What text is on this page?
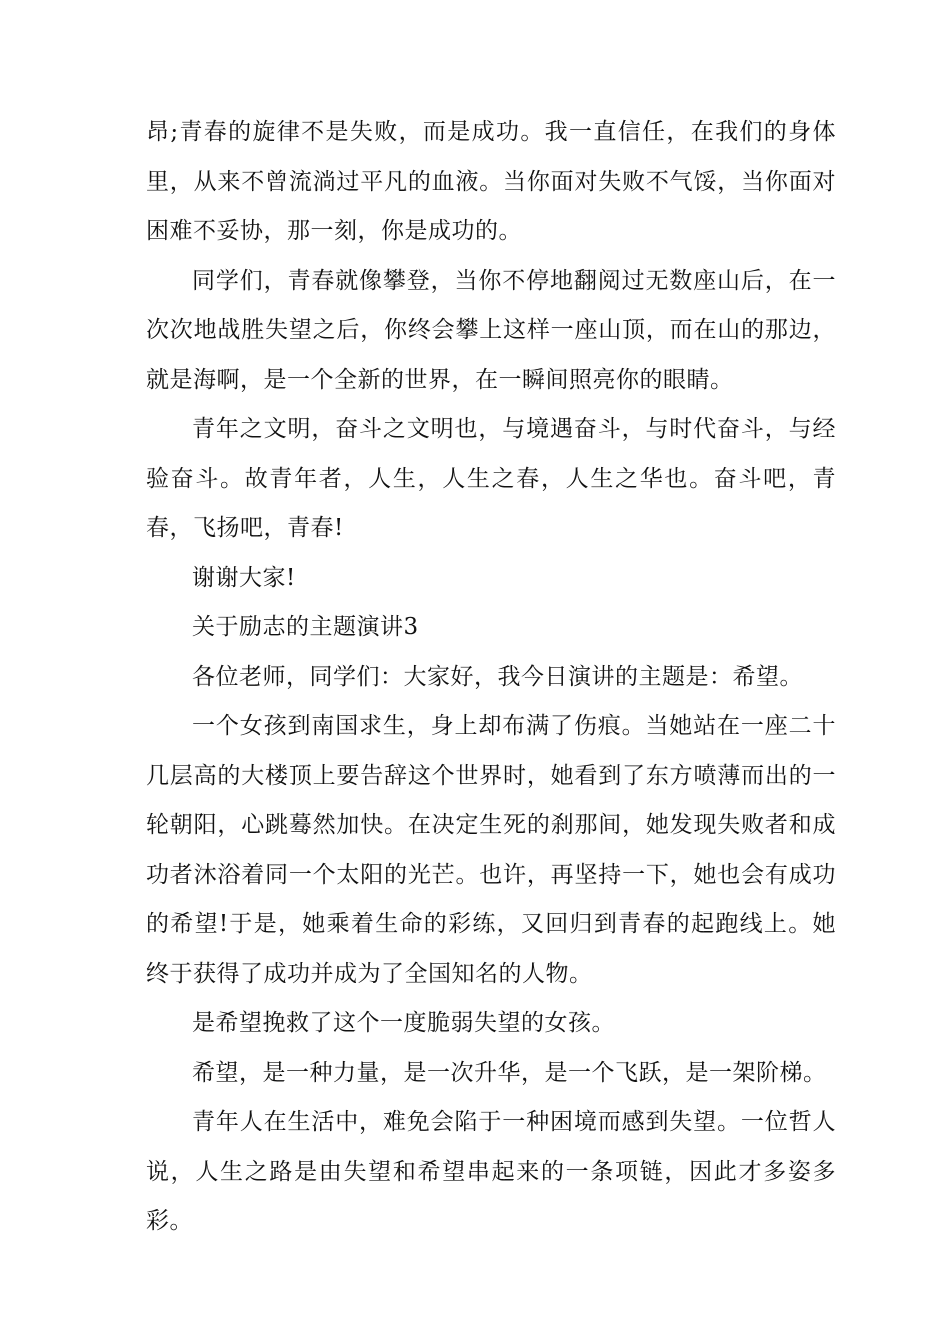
昂;青春的旋律不是失败，而是成功。我一直信任，在我们的身体里，从来不曾流淌过平凡的血液。当你面对失败不气馁，当你面对困难不妥协，那一刻，你是成功的。

同学们，青春就像攀登，当你不停地翻阅过无数座山后，在一次次地战胜失望之后，你终会攀上这样一座山顶，而在山的那边，就是海啊，是一个全新的世界，在一瞬间照亮你的眼睛。

青年之文明，奋斗之文明也，与境遇奋斗，与时代奋斗，与经验奋斗。故青年者，人生，人生之春，人生之华也。奋斗吧，青春，飞扬吧，青春!

谢谢大家!

关于励志的主题演讲3

各位老师，同学们：大家好，我今日演讲的主题是：希望。

一个女孩到南国求生，身上却布满了伤痕。当她站在一座二十几层高的大楼顶上要告辞这个世界时，她看到了东方喷薄而出的一轮朝阳，心跳蓦然加快。在决定生死的刹那间，她发现失败者和成功者沐浴着同一个太阳的光芒。也许，再坚持一下，她也会有成功的希望!于是，她乘着生命的彩练，又回归到青春的起跑线上。她终于获得了成功并成为了全国知名的人物。

是希望挽救了这个一度脆弱失望的女孩。

希望，是一种力量，是一次升华，是一个飞跃，是一架阶梯。

青年人在生活中，难免会陷于一种困境而感到失望。一位哲人说，人生之路是由失望和希望串起来的一条项链，因此才多姿多彩。
